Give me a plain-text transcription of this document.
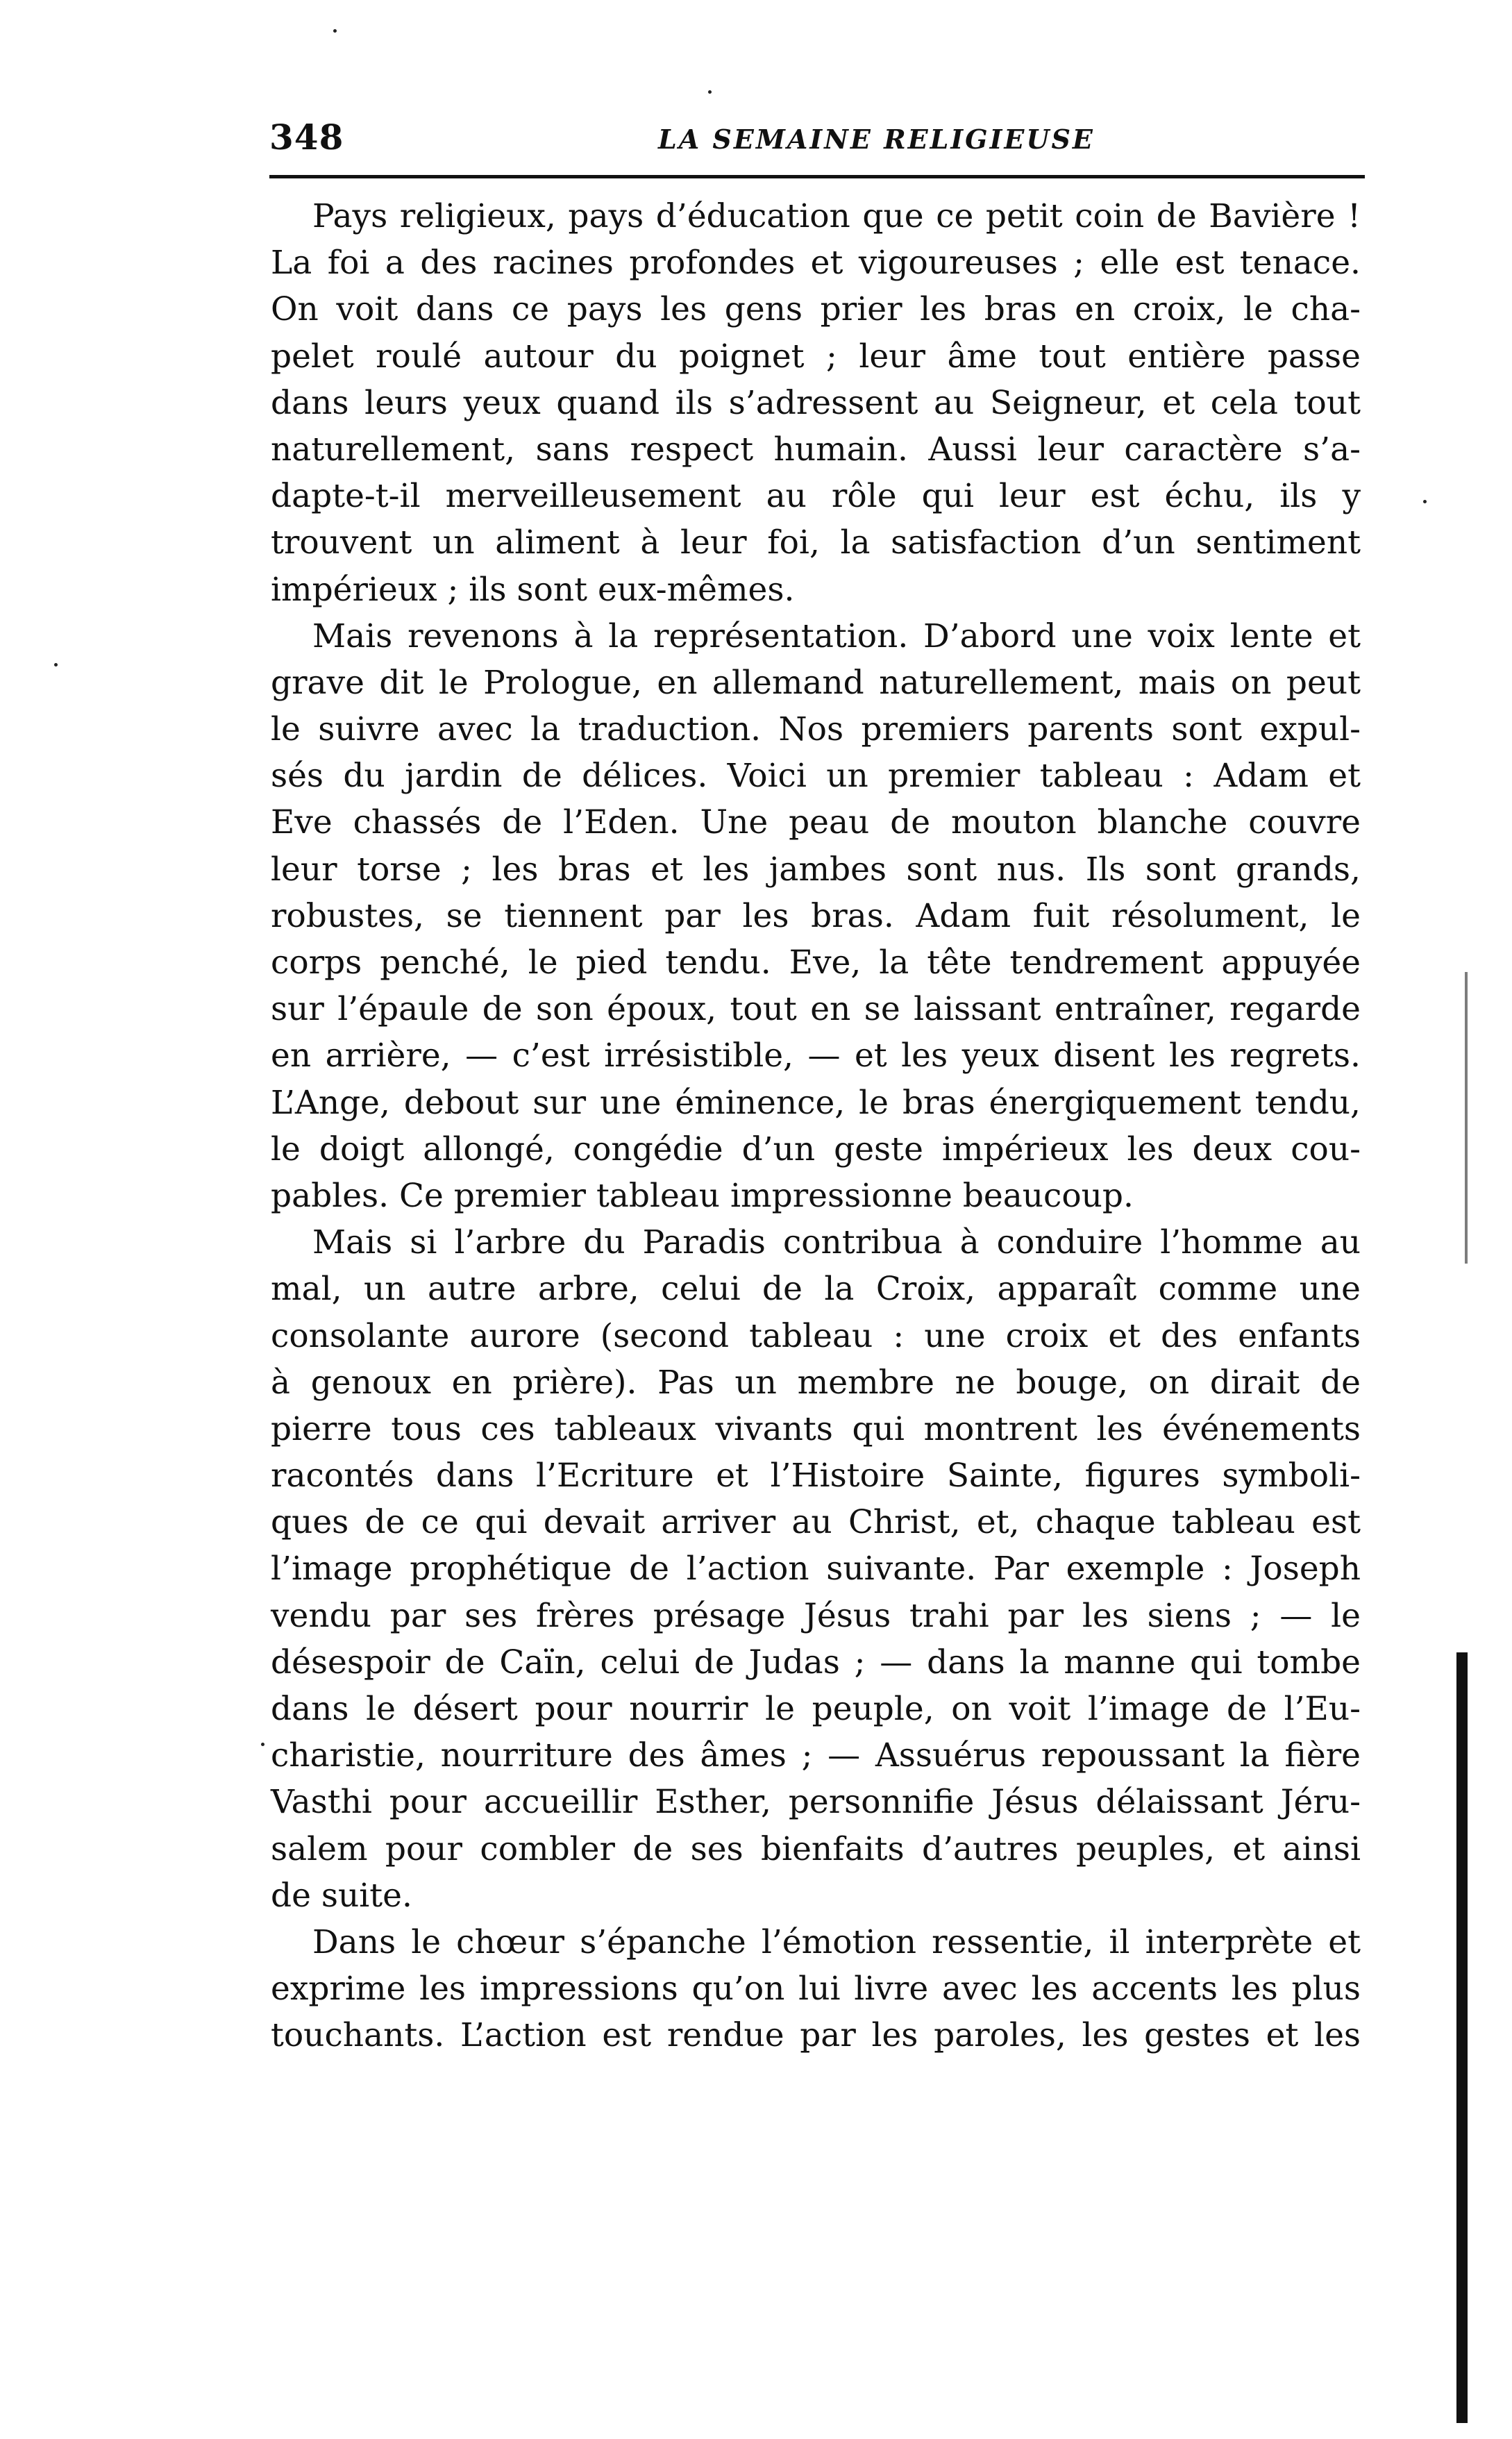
348	LA SEMAINE RELIGIEUSE
Pays religieux, pays d’éducation que ce petit coin de Bavière !
La foi a des racines profondes et vigoureuses ; elle est tenace.
On voit dans ce pays les gens prier les bras en croix, le cha-
pelet roulé autour du poignet ; leur âme tout entière passe
dans leurs yeux quand ils s’adressent au Seigneur, et cela tout
naturellement, sans respect humain. Aussi leur caractère s’a-
dapte-t-il merveilleusement au rôle qui leur est échu, ils y
trouvent un aliment à leur foi, la satisfaction d’un sentiment
impérieux ; ils sont eux-mêmes.
Mais revenons à la représentation. D’abord une voix lente et
grave dit le Prologue, en allemand naturellement, mais on peut
le suivre avec la traduction. Nos premiers parents sont expul-
sés du jardin de délices. Voici un premier tableau : Adam et
Eve chassés de l’Eden. Une peau de mouton blanche couvre
leur torse ; les bras et les jambes sont nus. Ils sont grands,
robustes, se tiennent par les bras. Adam fuit résolument, le
corps penché, le pied tendu. Eve, la tête tendrement appuyée
sur l’épaule de son époux, tout en se laissant entraîner, regarde
en arrière, — c’est irrésistible, — et les yeux disent les regrets.
L’Ange, debout sur une éminence, le bras énergiquement tendu,
le doigt allongé, congédie d’un geste impérieux les deux cou-
pables. Ce premier tableau impressionne beaucoup.
Mais si l’arbre du Paradis contribua à conduire l’homme au
mal, un autre arbre, celui de la Croix, apparaît comme une
consolante aurore (second tableau : une croix et des enfants
à genoux en prière). Pas un membre ne bouge, on dirait de
pierre tous ces tableaux vivants qui montrent les événements
racontés dans l’Ecriture et l’Histoire Sainte, figures symboli-
ques de ce qui devait arriver au Christ, et, chaque tableau est
l’image prophétique de l’action suivante. Par exemple : Joseph
vendu par ses frères présage Jésus trahi par les siens ; — le
désespoir de Caïn, celui de Judas ; — dans la manne qui tombe
dans le désert pour nourrir le peuple, on voit l’image de l’Eu-
charistie, nourriture des âmes ; — Assuérus repoussant la fière
Vasthi pour accueillir Esther, personnifie Jésus délaissant Jéru-
salem pour combler de ses bienfaits d’autres peuples, et ainsi
de suite.
Dans le chœur s’épanche l’émotion ressentie, il interprète et
exprime les impressions qu’on lui livre avec les accents les plus
touchants. L’action est rendue par les paroles, les gestes et les
